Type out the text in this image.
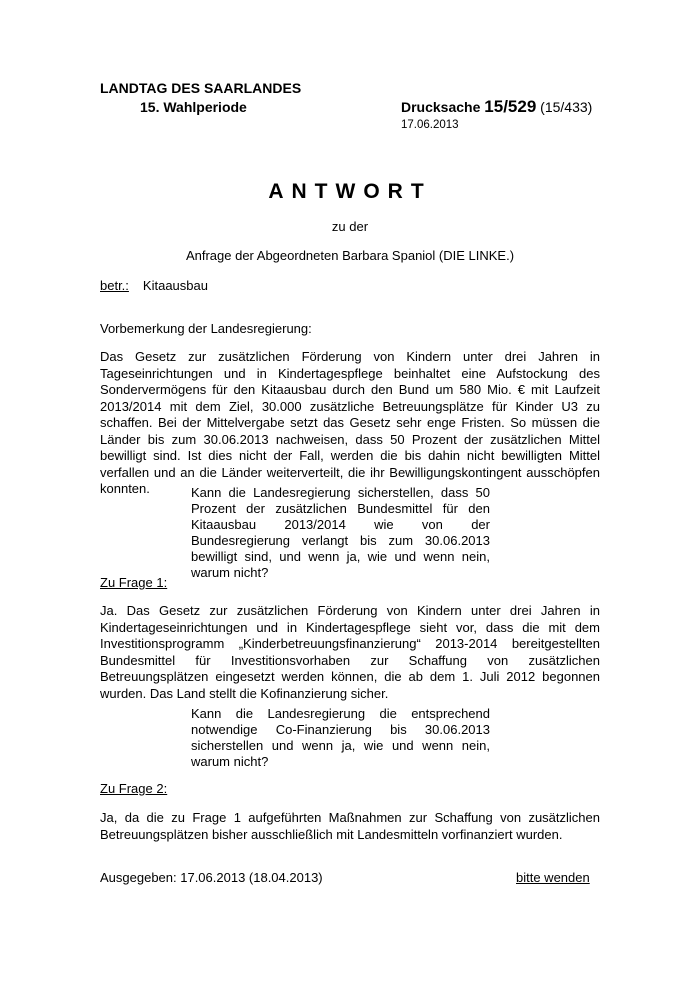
LANDTAG DES SAARLANDES
15. Wahlperiode	Drucksache 15/529 (15/433)
17.06.2013
ANTWORT
zu der
Anfrage der Abgeordneten Barbara Spaniol (DIE LINKE.)
betr.: Kitaausbau
Vorbemerkung der Landesregierung:
Das Gesetz zur zusätzlichen Förderung von Kindern unter drei Jahren in Tageseinrichtungen und in Kindertagespflege beinhaltet eine Aufstockung des Sondervermögens für den Kitaausbau durch den Bund um 580 Mio. € mit Laufzeit 2013/2014 mit dem Ziel, 30.000 zusätzliche Betreuungsplätze für Kinder U3 zu schaffen. Bei der Mittelvergabe setzt das Gesetz sehr enge Fristen. So müssen die Länder bis zum 30.06.2013 nachweisen, dass 50 Prozent der zusätzlichen Mittel bewilligt sind. Ist dies nicht der Fall, werden die bis dahin nicht bewilligten Mittel verfallen und an die Länder weiterverteilt, die ihr Bewilligungskontingent ausschöpfen konnten.	Kann die Landesregierung sicherstellen, dass 50 Prozent der zusätzlichen Bundesmittel für den Kitaausbau 2013/2014 wie von der Bundesregierung verlangt bis zum 30.06.2013 bewilligt sind, und wenn ja, wie und wenn nein, warum nicht?
Zu Frage 1:
Ja. Das Gesetz zur zusätzlichen Förderung von Kindern unter drei Jahren in Kindertageseinrichtungen und in Kindertagespflege sieht vor, dass die mit dem Investitionsprogramm „Kinderbetreuungsfinanzierung“ 2013-2014 bereitgestellten Bundesmittel für Investitionsvorhaben zur Schaffung von zusätzlichen Betreuungsplätzen eingesetzt werden können, die ab dem 1. Juli 2012 begonnen wurden. Das Land stellt die Kofinanzierung sicher.
Kann die Landesregierung die entsprechend notwendige Co-Finanzierung bis 30.06.2013 sicherstellen und wenn ja, wie und wenn nein, warum nicht?
Zu Frage 2:
Ja, da die zu Frage 1 aufgeführten Maßnahmen zur Schaffung von zusätzlichen Betreuungsplätzen bisher ausschließlich mit Landesmitteln vorfinanziert wurden.
Ausgegeben: 17.06.2013 (18.04.2013)	bitte wenden
